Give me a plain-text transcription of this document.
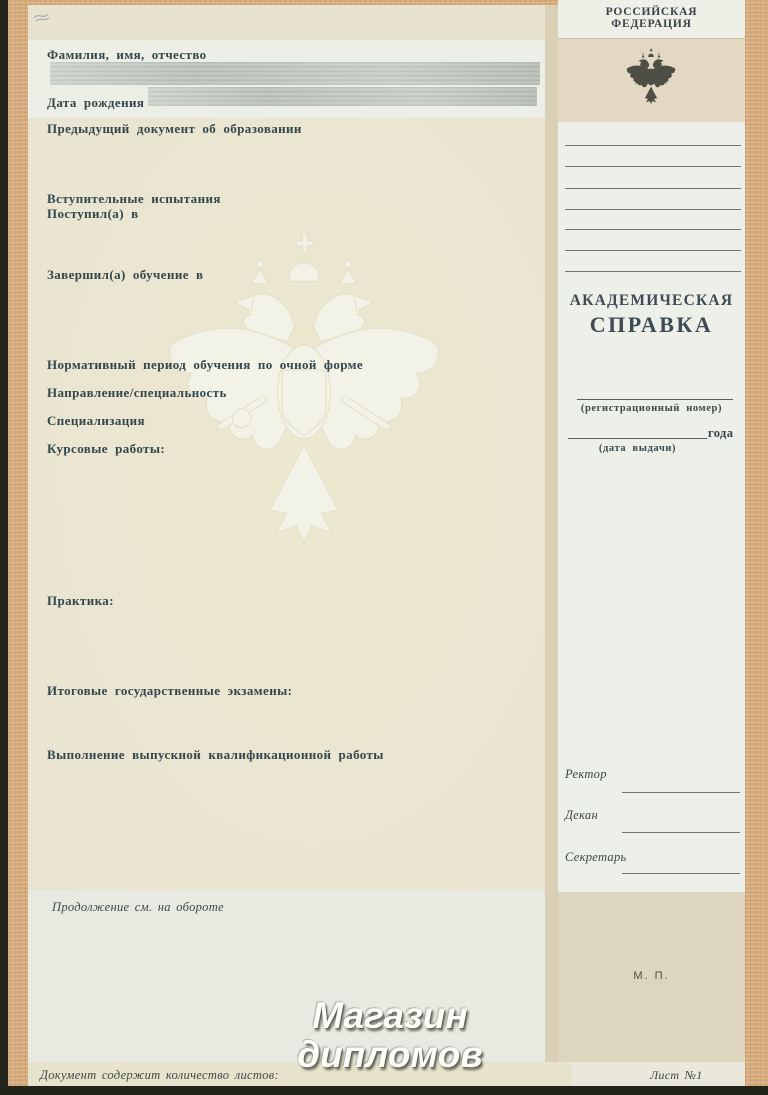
РОССИЙСКАЯ
ФЕДЕРАЦИЯ
Фамилия, имя, отчество
Дата рождения
Предыдущий документ об образовании
Вступительные испытания
Поступил(а) в
Завершил(а) обучение в
Нормативный период обучения по очной форме
Направление/специальность
Специализация
Курсовые работы:
Практика:
Итоговые государственные экзамены:
Выполнение выпускной квалификационной работы
Продолжение см. на обороте
АКАДЕМИЧЕСКАЯ
СПРАВКА
(регистрационный номер)
года
(дата выдачи)
Ректор
Декан
Секретарь
М. П.
Документ содержит количество листов:	Лист №1
Магазин
дипломов
